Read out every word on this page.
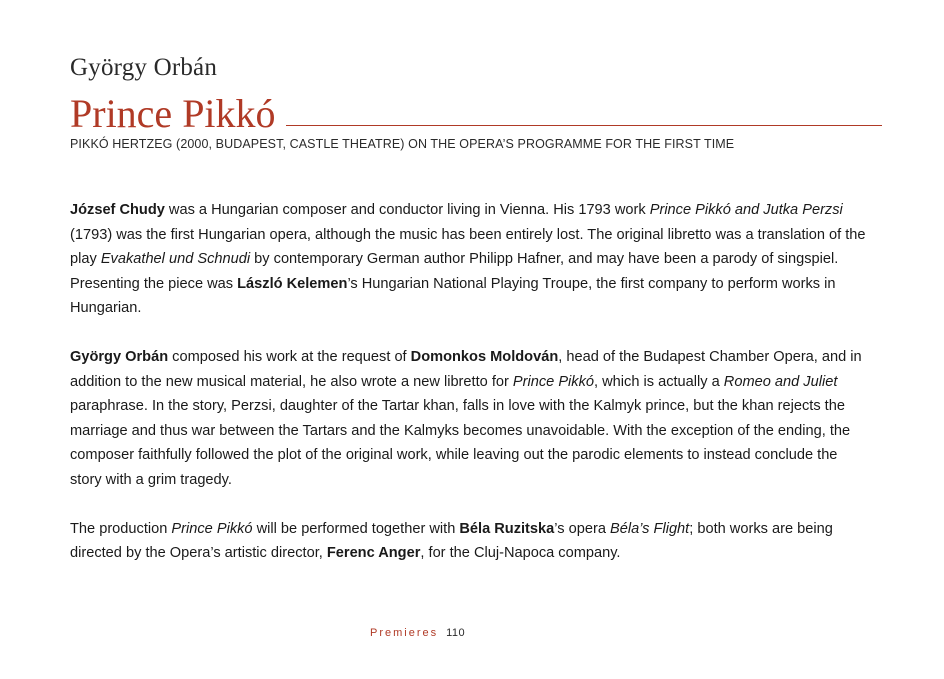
György Orbán
Prince Pikkó

PIKKÓ HERTZEG (2000, BUDAPEST, CASTLE THEATRE) ON THE OPERA’S PROGRAMME FOR THE FIRST TIME

József Chudy was a Hungarian composer and conductor living in Vienna. His 1793 work Prince Pikkó and Jutka Perzsi (1793) was the first Hungarian opera, although the music has been entirely lost. The original libretto was a translation of the play Evakathel und Schnudi by contemporary German author Philipp Hafner, and may have been a parody of singspiel. Presenting the piece was László Kelemen’s Hungarian National Playing Troupe, the first company to perform works in Hungarian.

György Orbán composed his work at the request of Domonkos Moldován, head of the Budapest Chamber Opera, and in addition to the new musical material, he also wrote a new libretto for Prince Pikkó, which is actually a Romeo and Juliet paraphrase. In the story, Perzsi, daughter of the Tartar khan, falls in love with the Kalmyk prince, but the khan rejects the marriage and thus war between the Tartars and the Kalmyks becomes unavoidable. With the exception of the ending, the composer faithfully followed the plot of the original work, while leaving out the parodic elements to instead conclude the story with a grim tragedy.

The production Prince Pikkó will be performed together with Béla Ruzitska’s opera Béla’s Flight; both works are being directed by the Opera’s artistic director, Ferenc Anger, for the Cluj-Napoca company.

Premieres 110
